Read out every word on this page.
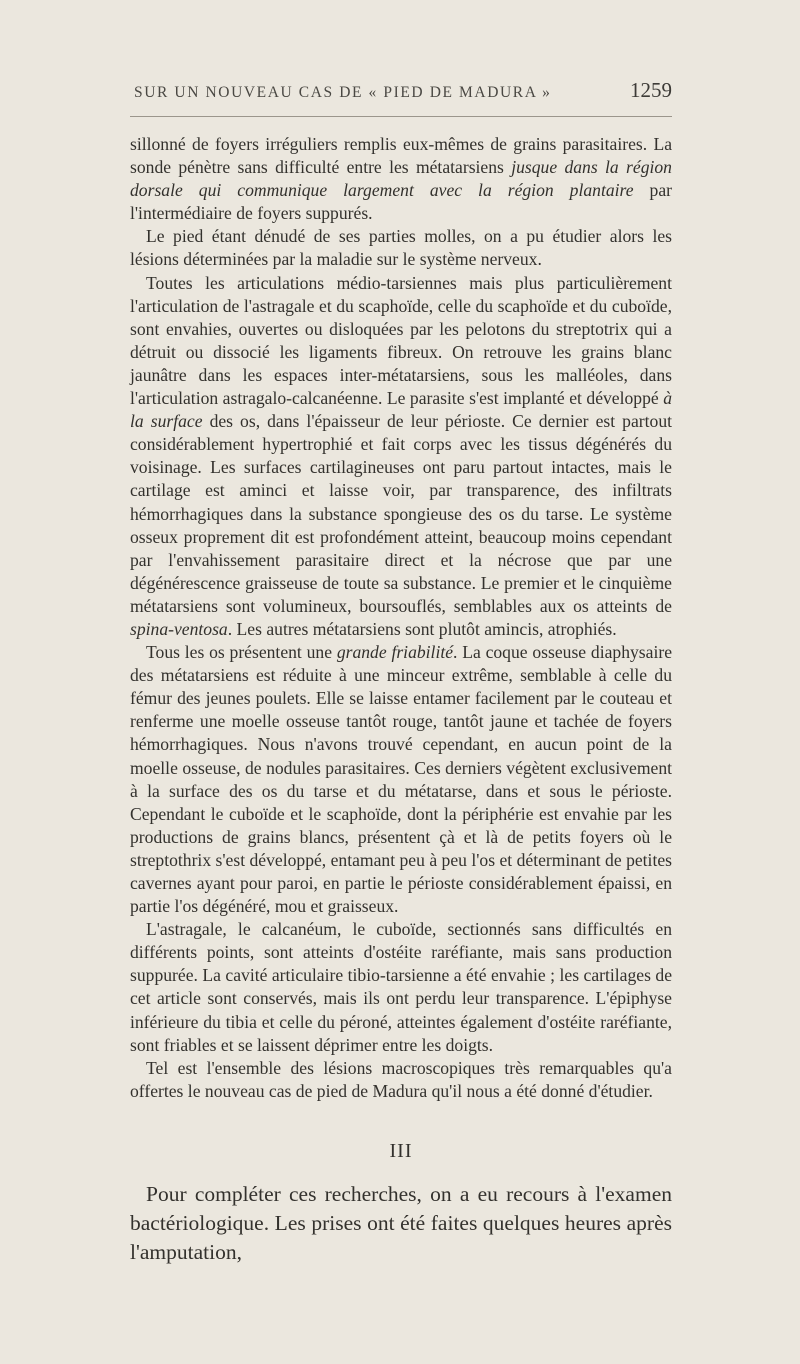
SUR UN NOUVEAU CAS DE « PIED DE MADURA »	1259

sillonné de foyers irréguliers remplis eux-mêmes de grains parasitaires. La sonde pénètre sans difficulté entre les métatarsiens jusque dans la région dorsale qui communique largement avec la région plantaire par l'intermédiaire de foyers suppurés.

Le pied étant dénudé de ses parties molles, on a pu étudier alors les lésions déterminées par la maladie sur le système nerveux.

Toutes les articulations médio-tarsiennes mais plus particulièrement l'articulation de l'astragale et du scaphoïde, celle du scaphoïde et du cuboïde, sont envahies, ouvertes ou disloquées par les pelotons du streptotrix qui a détruit ou dissocié les ligaments fibreux. On retrouve les grains blanc jaunâtre dans les espaces inter-métatarsiens, sous les malléoles, dans l'articulation astragalo-calcanéenne. Le parasite s'est implanté et développé à la surface des os, dans l'épaisseur de leur périoste. Ce dernier est partout considérablement hypertrophié et fait corps avec les tissus dégénérés du voisinage. Les surfaces cartilagineuses ont paru partout intactes, mais le cartilage est aminci et laisse voir, par transparence, des infiltrats hémorrhagiques dans la substance spongieuse des os du tarse. Le système osseux proprement dit est profondément atteint, beaucoup moins cependant par l'envahissement parasitaire direct et la nécrose que par une dégénérescence graisseuse de toute sa substance. Le premier et le cinquième métatarsiens sont volumineux, boursouflés, semblables aux os atteints de spina-ventosa. Les autres métatarsiens sont plutôt amincis, atrophiés.

Tous les os présentent une grande friabilité. La coque osseuse diaphysaire des métatarsiens est réduite à une minceur extrême, semblable à celle du fémur des jeunes poulets. Elle se laisse entamer facilement par le couteau et renferme une moelle osseuse tantôt rouge, tantôt jaune et tachée de foyers hémorrhagiques. Nous n'avons trouvé cependant, en aucun point de la moelle osseuse, de nodules parasitaires. Ces derniers végètent exclusivement à la surface des os du tarse et du métatarse, dans et sous le périoste. Cependant le cuboïde et le scaphoïde, dont la périphérie est envahie par les productions de grains blancs, présentent çà et là de petits foyers où le streptothrix s'est développé, entamant peu à peu l'os et déterminant de petites cavernes ayant pour paroi, en partie le périoste considérablement épaissi, en partie l'os dégénéré, mou et graisseux.

L'astragale, le calcanéum, le cuboïde, sectionnés sans difficultés en différents points, sont atteints d'ostéite raréfiante, mais sans production suppurée. La cavité articulaire tibio-tarsienne a été envahie ; les cartilages de cet article sont conservés, mais ils ont perdu leur transparence. L'épiphyse inférieure du tibia et celle du péroné, atteintes également d'ostéite raréfiante, sont friables et se laissent déprimer entre les doigts.

Tel est l'ensemble des lésions macroscopiques très remarquables qu'a offertes le nouveau cas de pied de Madura qu'il nous a été donné d'étudier.

III

Pour compléter ces recherches, on a eu recours à l'examen bactériologique. Les prises ont été faites quelques heures après l'amputation,
